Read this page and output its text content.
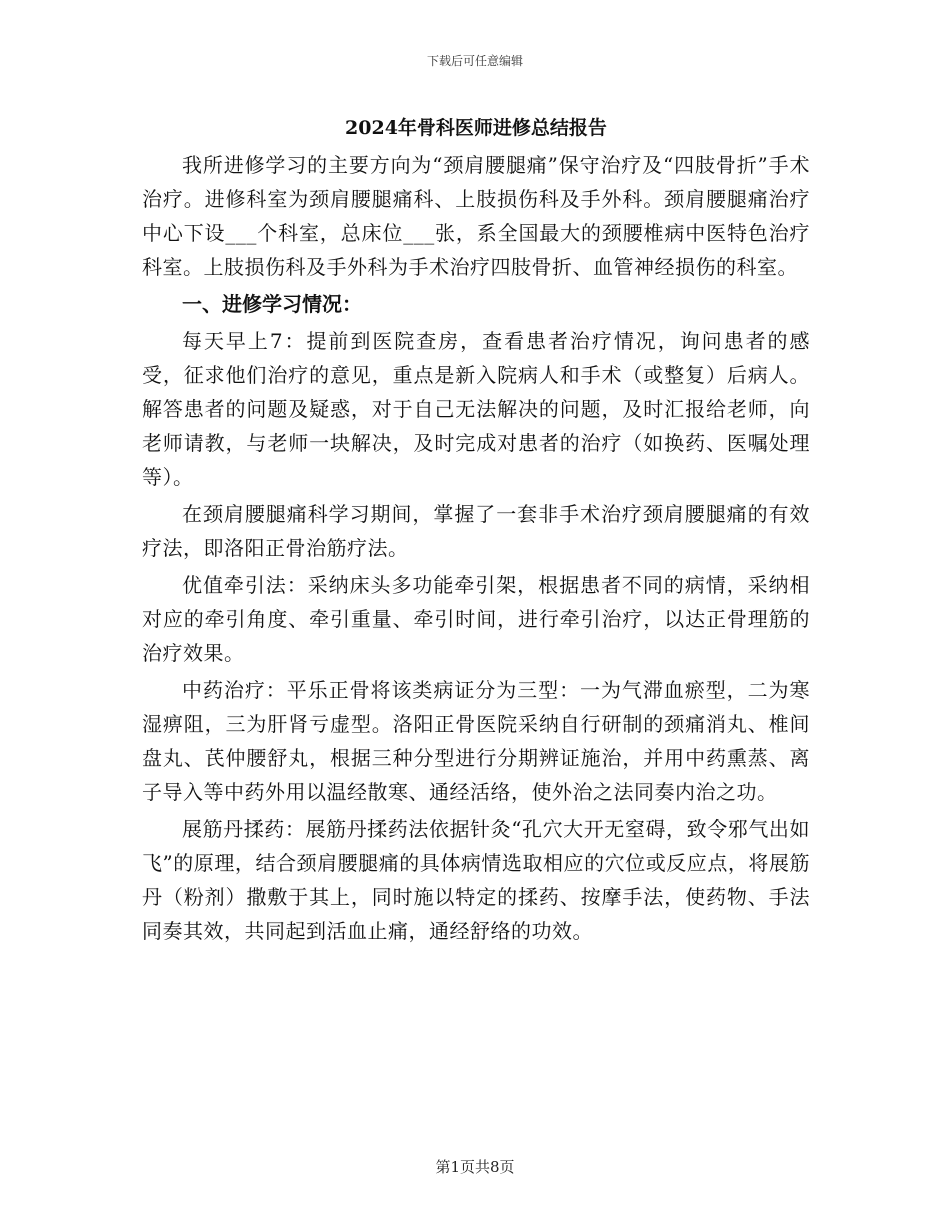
下载后可任意编辑
2024年骨科医师进修总结报告

我所进修学习的主要方向为“颈肩腰腿痛”保守治疗及“四肢骨折”手术治疗。进修科室为颈肩腰腿痛科、上肢损伤科及手外科。颈肩腰腿痛治疗中心下设___个科室，总床位___张，系全国最大的颈腰椎病中医特色治疗科室。上肢损伤科及手外科为手术治疗四肢骨折、血管神经损伤的科室。

一、进修学习情况：

每天早上7：提前到医院查房，查看患者治疗情况，询问患者的感受，征求他们治疗的意见，重点是新入院病人和手术（或整复）后病人。解答患者的问题及疑惑，对于自己无法解决的问题，及时汇报给老师，向老师请教，与老师一块解决，及时完成对患者的治疗（如换药、医嘱处理等）。

在颈肩腰腿痛科学习期间，掌握了一套非手术治疗颈肩腰腿痛的有效疗法，即洛阳正骨治筋疗法。

优值牵引法：采纳床头多功能牵引架，根据患者不同的病情，采纳相对应的牵引角度、牵引重量、牵引时间，进行牵引治疗，以达正骨理筋的治疗效果。

中药治疗：平乐正骨将该类病证分为三型：一为气滞血瘀型，二为寒湿痹阻，三为肝肾亏虚型。洛阳正骨医院采纳自行研制的颈痛消丸、椎间盘丸、芪仲腰舒丸，根据三种分型进行分期辨证施治，并用中药熏蒸、离子导入等中药外用以温经散寒、通经活络，使外治之法同奏内治之功。

展筋丹揉药：展筋丹揉药法依据针灸“孔穴大开无窒碍，致令邪气出如飞”的原理，结合颈肩腰腿痛的具体病情选取相应的穴位或反应点，将展筋丹（粉剂）撒敷于其上，同时施以特定的揉药、按摩手法，使药物、手法同奏其效，共同起到活血止痛，通经舒络的功效。

第1页共8页
